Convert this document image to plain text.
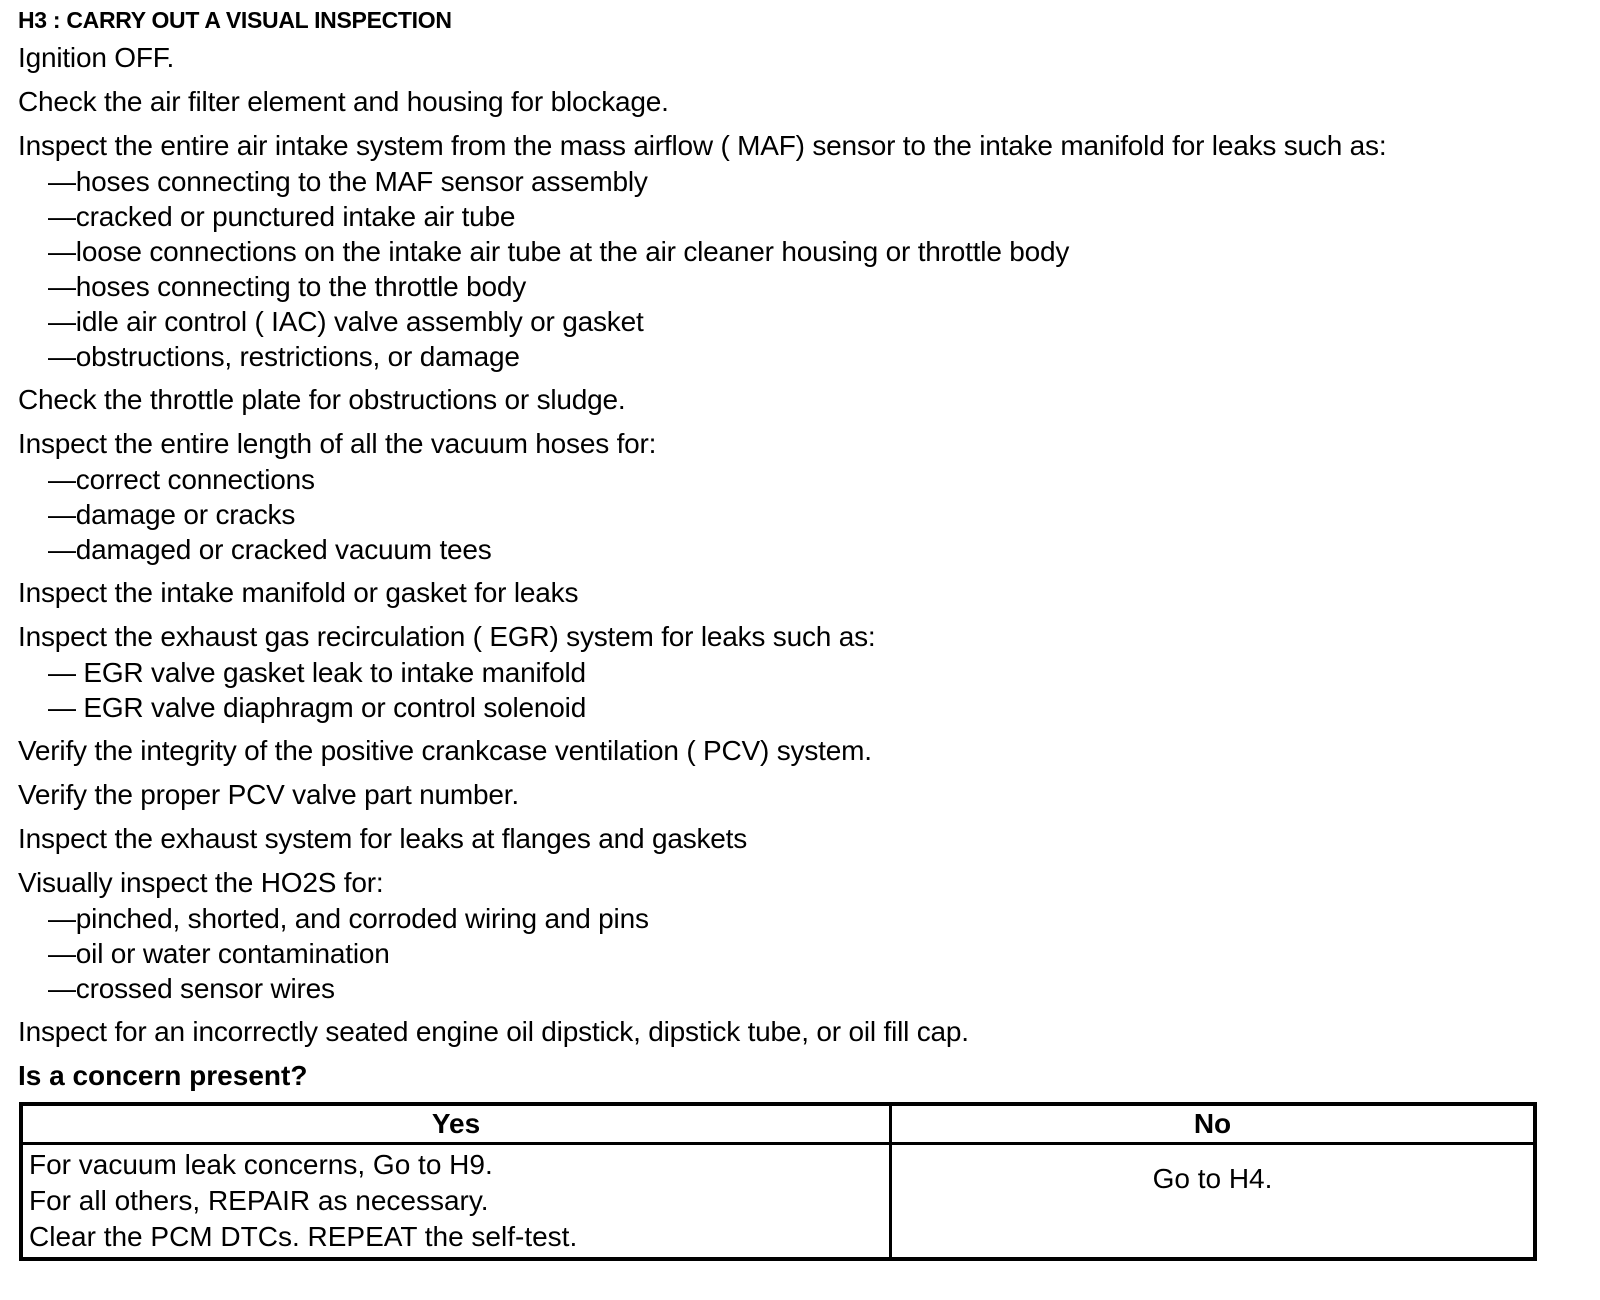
H3 : CARRY OUT A VISUAL INSPECTION

Ignition OFF.

Check the air filter element and housing for blockage.

Inspect the entire air intake system from the mass airflow ( MAF) sensor to the intake manifold for leaks such as:

—hoses connecting to the MAF sensor assembly

—cracked or punctured intake air tube

—loose connections on the intake air tube at the air cleaner housing or throttle body

—hoses connecting to the throttle body

—idle air control ( IAC) valve assembly or gasket

—obstructions, restrictions, or damage

Check the throttle plate for obstructions or sludge.

Inspect the entire length of all the vacuum hoses for:

—correct connections

—damage or cracks

—damaged or cracked vacuum tees

Inspect the intake manifold or gasket for leaks

Inspect the exhaust gas recirculation ( EGR) system for leaks such as:

— EGR valve gasket leak to intake manifold

— EGR valve diaphragm or control solenoid

Verify the integrity of the positive crankcase ventilation ( PCV) system.

Verify the proper PCV valve part number.

Inspect the exhaust system for leaks at flanges and gaskets

Visually inspect the HO2S for:

—pinched, shorted, and corroded wiring and pins

—oil or water contamination

—crossed sensor wires

Inspect for an incorrectly seated engine oil dipstick, dipstick tube, or oil fill cap.

Is a concern present?

Yes	No

For vacuum leak concerns, Go to H9.
For all others, REPAIR as necessary.
Clear the PCM DTCs. REPEAT the self-test.	Go to H4.
